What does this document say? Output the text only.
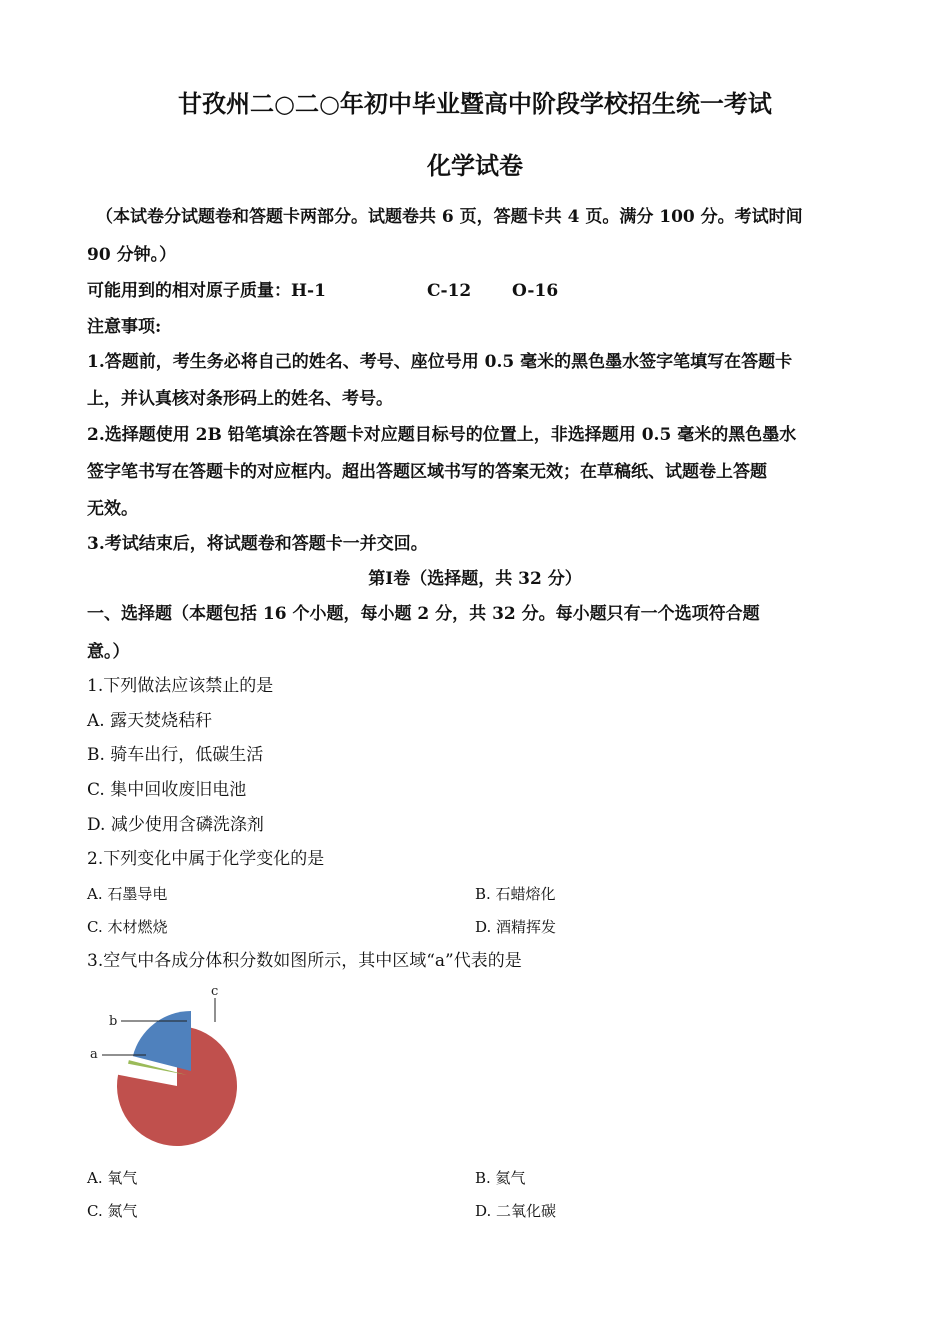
甘孜州二○二○年初中毕业暨高中阶段学校招生统一考试
化学试卷
（本试卷分试题卷和答题卡两部分。试题卷共 6 页，答题卡共 4 页。满分 100 分。考试时间
90 分钟。）
可能用到的相对原子质量：H-1	C-12 O-16
注意事项:
1.答题前，考生务必将自己的姓名、考号、座位号用 0.5 毫米的黑色墨水签字笔填写在答题卡
上，并认真核对条形码上的姓名、考号。
2.选择题使用 2B 铅笔填涂在答题卡对应题目标号的位置上，非选择题用 0.5 毫米的黑色墨水
签字笔书写在答题卡的对应框内。超出答题区域书写的答案无效；在草稿纸、试题卷上答题
无效。
3.考试结束后，将试题卷和答题卡一并交回。
第Ⅰ卷（选择题，共 32 分）
一、选择题（本题包括 16 个小题，每小题 2 分，共 32 分。每小题只有一个选项符合题
意。）
1.下列做法应该禁止的是
A. 露天焚烧秸秆
B. 骑车出行，低碳生活
C. 集中回收废旧电池
D. 减少使用含磷洗涤剂
2.下列变化中属于化学变化的是
A. 石墨导电	B. 石蜡熔化
C. 木材燃烧	D. 酒精挥发
3.空气中各成分体积分数如图所示，其中区域“a”代表的是
a
b
c
A. 氧气	B. 氦气
C. 氮气	D. 二氧化碳
